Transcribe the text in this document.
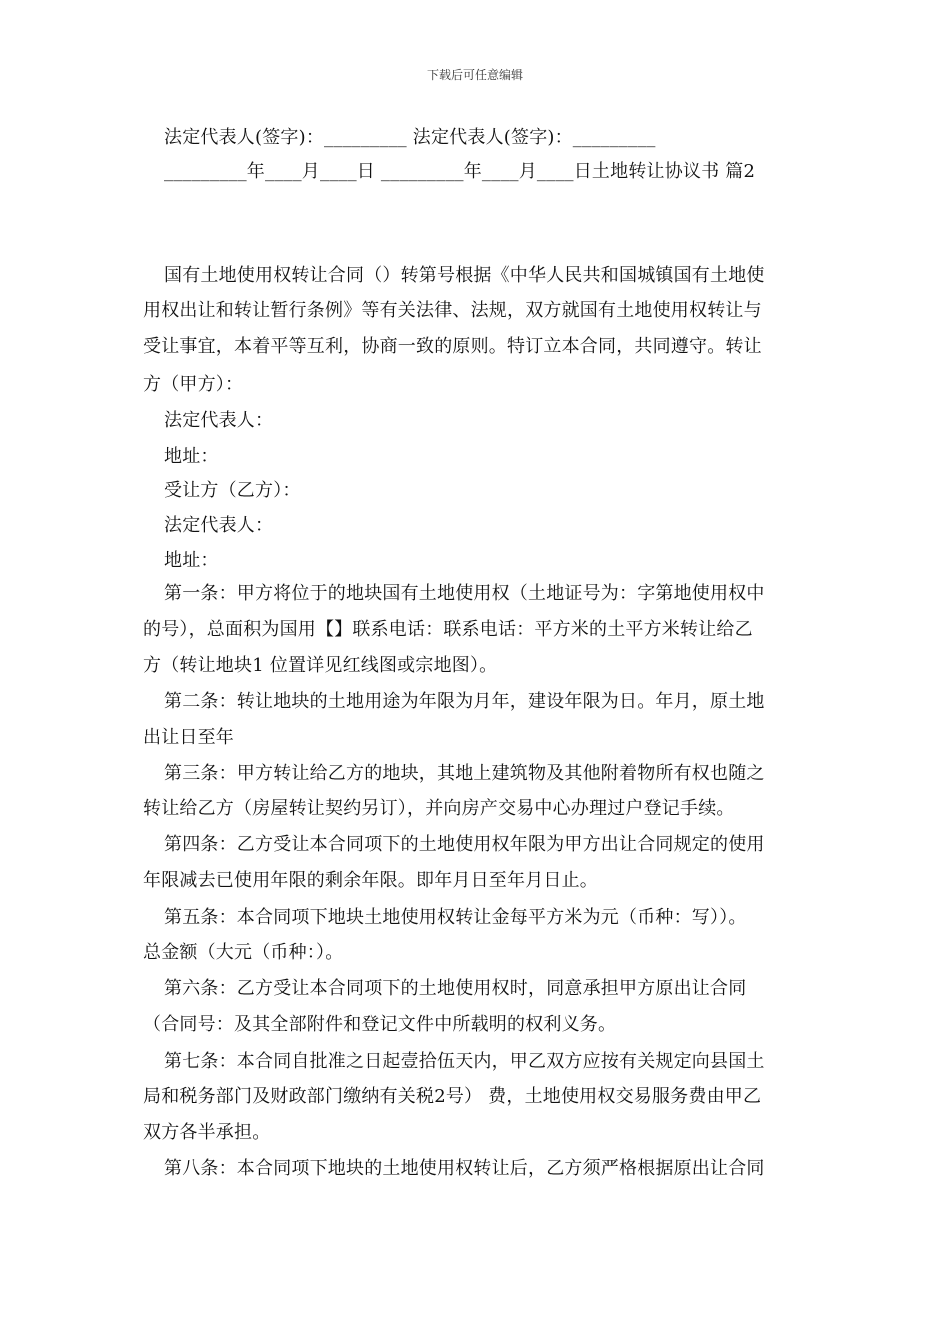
下载后可任意编辑
法定代表人(签字)：_________ 法定代表人(签字)：_________
_________年____月____日 _________年____月____日土地转让协议书 篇2
国有土地使用权转让合同（）转第号根据《中华人民共和国城镇国有土地使
用权出让和转让暂行条例》等有关法律、法规，双方就国有土地使用权转让与
受让事宜，本着平等互利，协商一致的原则。特订立本合同，共同遵守。转让
方（甲方）：
法定代表人：
地址：
受让方（乙方）：
法定代表人：
地址：
第一条：甲方将位于的地块国有土地使用权（土地证号为：字第地使用权中
的号），总面积为国用【】联系电话：联系电话：平方米的土平方米转让给乙
方（转让地块1 位置详见红线图或宗地图）。
第二条：转让地块的土地用途为年限为月年，建设年限为日。年月，原土地
出让日至年
第三条：甲方转让给乙方的地块，其地上建筑物及其他附着物所有权也随之
转让给乙方（房屋转让契约另订），并向房产交易中心办理过户登记手续。
第四条：乙方受让本合同项下的土地使用权年限为甲方出让合同规定的使用
年限减去已使用年限的剩余年限。即年月日至年月日止。
第五条：本合同项下地块土地使用权转让金每平方米为元（币种：写））。
总金额（大元（币种：）。
第六条：乙方受让本合同项下的土地使用权时，同意承担甲方原出让合同
（合同号：及其全部附件和登记文件中所载明的权利义务。
第七条：本合同自批准之日起壹拾伍天内，甲乙双方应按有关规定向县国土
局和税务部门及财政部门缴纳有关税2号） 费，土地使用权交易服务费由甲乙
双方各半承担。
第八条：本合同项下地块的土地使用权转让后，乙方须严格根据原出让合同
